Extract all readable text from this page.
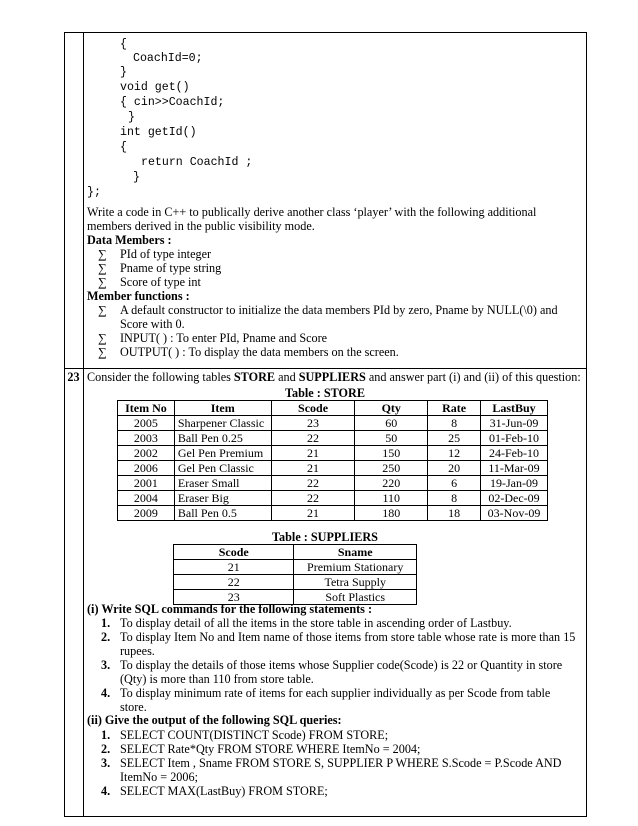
{
CoachId=0;
}
void get()
{ cin>>CoachId;
}
int getId()
{
return CoachId ;
}
};
Write a code in C++ to publically derive another class ‘player’ with the following additional members derived in the public visibility mode.
Data Members :
∑ PId of type integer
∑ Pname of type string
∑ Score of type int
Member functions :
∑ A default constructor to initialize the data members PId by zero, Pname by NULL(\0) and Score with 0.
∑ INPUT( ) : To enter PId, Pname and Score
∑ OUTPUT( ) : To display the data members on the screen.
23 Consider the following tables STORE and SUPPLIERS and answer part (i) and (ii) of this question:
Table : STORE
Item No	Item	Scode	Qty	Rate	LastBuy
2005	Sharpener Classic	23	60	8	31-Jun-09
2003	Ball Pen 0.25	22	50	25	01-Feb-10
2002	Gel Pen Premium	21	150	12	24-Feb-10
2006	Gel Pen Classic	21	250	20	11-Mar-09
2001	Eraser Small	22	220	6	19-Jan-09
2004	Eraser Big	22	110	8	02-Dec-09
2009	Ball Pen 0.5	21	180	18	03-Nov-09
Table : SUPPLIERS
Scode	Sname
21	Premium Stationary
22	Tetra Supply
23	Soft Plastics
(i) Write SQL commands for the following statements :
1. To display detail of all the items in the store table in ascending order of Lastbuy.
2. To display Item No and Item name of those items from store table whose rate is more than 15 rupees.
3. To display the details of those items whose Supplier code(Scode) is 22 or Quantity in store (Qty) is more than 110 from store table.
4. To display minimum rate of items for each supplier individually as per Scode from table store.
(ii) Give the output of the following SQL queries:
1. SELECT COUNT(DISTINCT Scode) FROM STORE;
2. SELECT Rate*Qty FROM STORE WHERE ItemNo = 2004;
3. SELECT Item , Sname FROM STORE S, SUPPLIER P WHERE S.Scode = P.Scode AND ItemNo = 2006;
4. SELECT MAX(LastBuy) FROM STORE;
